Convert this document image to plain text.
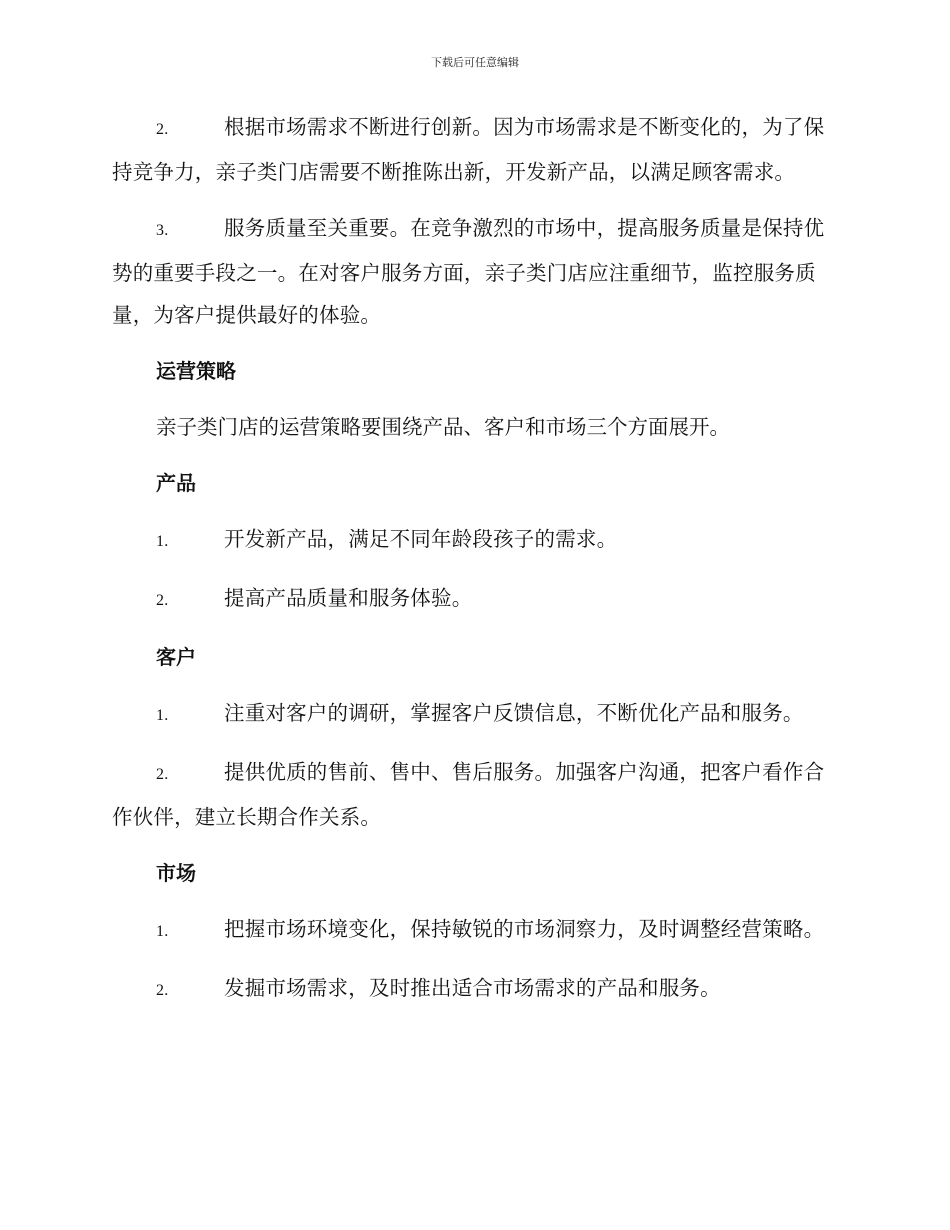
下载后可任意编辑

2.	根据市场需求不断进行创新。因为市场需求是不断变化的，为了保持竞争力，亲子类门店需要不断推陈出新，开发新产品，以满足顾客需求。

3.	服务质量至关重要。在竞争激烈的市场中，提高服务质量是保持优势的重要手段之一。在对客户服务方面，亲子类门店应注重细节，监控服务质量，为客户提供最好的体验。

运营策略

亲子类门店的运营策略要围绕产品、客户和市场三个方面展开。

产品

1.	开发新产品，满足不同年龄段孩子的需求。

2.	提高产品质量和服务体验。

客户

1.	注重对客户的调研，掌握客户反馈信息，不断优化产品和服务。

2.	提供优质的售前、售中、售后服务。加强客户沟通，把客户看作合作伙伴，建立长期合作关系。

市场

1.	把握市场环境变化，保持敏锐的市场洞察力，及时调整经营策略。

2.	发掘市场需求，及时推出适合市场需求的产品和服务。
